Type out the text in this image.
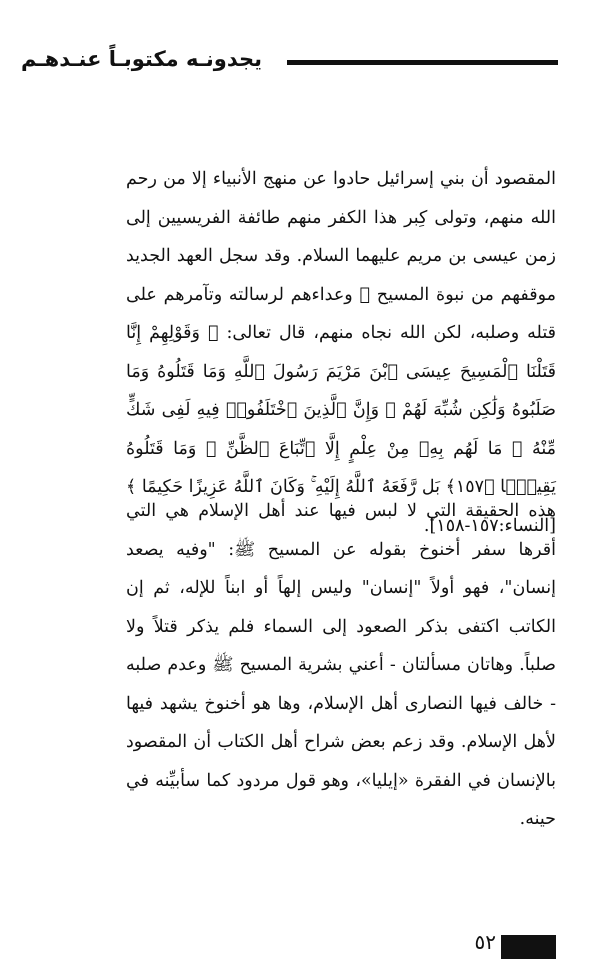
يجدونـه مكتوبـاً عنـدهـم

المقصود أن بني إسرائيل حادوا عن منهج الأنبياء إلا من رحم الله منهم، وتولى كِبر هذا الكفر منهم طائفة الفريسيين إلى زمن عيسى بن مريم عليهما السلام. وقد سجل العهد الجديد موقفهم من نبوة المسيح ﷺ وعداءهم لرسالته وتآمرهم على قتله وصلبه، لكن الله نجاه منهم، قال تعالى: ﴿ وَقَوْلِهِمْ إِنَّا قَتَلْنَا ٱلْمَسِيحَ عِيسَى ٱبْنَ مَرْيَمَ رَسُولَ ٱللَّهِ وَمَا قَتَلُوهُ وَمَا صَلَبُوهُ وَلَٰكِن شُبِّهَ لَهُمْ ۚ وَإِنَّ ٱلَّذِينَ ٱخْتَلَفُوا۟ فِيهِ لَفِى شَكٍّ مِّنْهُ ۚ مَا لَهُم بِهِۦ مِنْ عِلْمٍ إِلَّا ٱتِّبَاعَ ٱلظَّنِّ ۚ وَمَا قَتَلُوهُ يَقِينًۢا ﴿١٥٧﴾ بَل رَّفَعَهُ ٱللَّهُ إِلَيْهِ ۚ وَكَانَ ٱللَّهُ عَزِيزًا حَكِيمًا ﴾ [النساء:١٥٧-١٥٨].

هذه الحقيقة التي لا لبس فيها عند أهل الإسلام هي التي أقرها سفر أخنوخ بقوله عن المسيح ﷺ: "وفيه يصعد إنسان"، فهو أولاً "إنسان" وليس إلهاً أو ابناً للإله، ثم إن الكاتب اكتفى بذكر الصعود إلى السماء فلم يذكر قتلاً ولا صلباً. وهاتان مسألتان - أعني بشرية المسيح ﷺ وعدم صلبه - خالف فيها النصارى أهل الإسلام، وها هو أخنوخ يشهد فيها لأهل الإسلام. وقد زعم بعض شراح أهل الكتاب أن المقصود بالإنسان في الفقرة «إيليا»، وهو قول مردود كما سأبيِّنه في حينه.

٥٢
